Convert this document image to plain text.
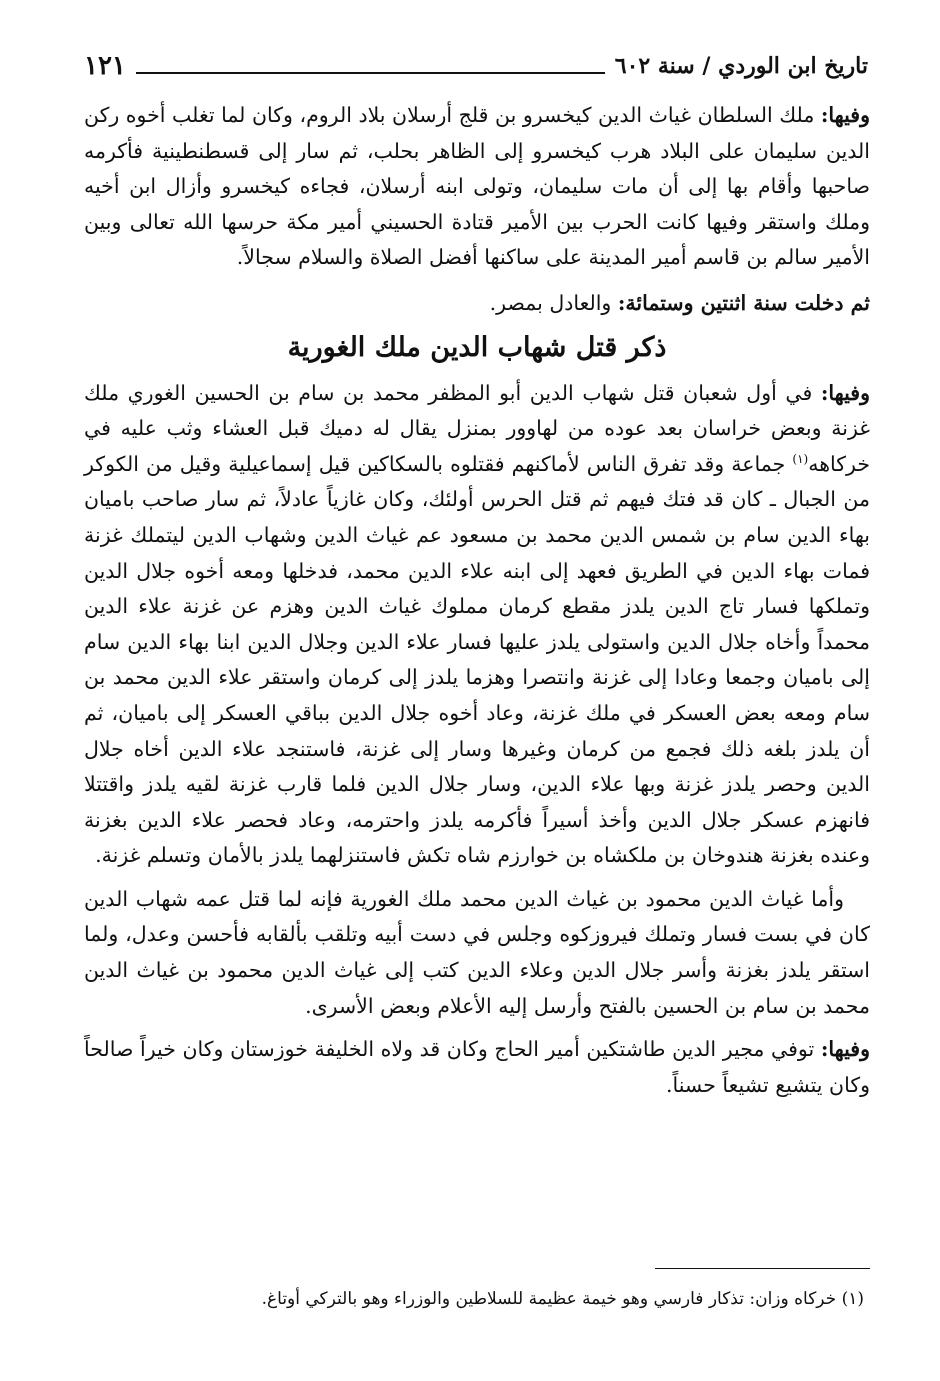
تاريخ ابن الوردي / سنة ٦٠٢
١٢١

وفيها: ملك السلطان غياث الدين كيخسرو بن قلج أرسلان بلاد الروم، وكان لما تغلب أخوه ركن الدين سليمان على البلاد هرب كيخسرو إلى الظاهر بحلب، ثم سار إلى قسطنطينية فأكرمه صاحبها وأقام بها إلى أن مات سليمان، وتولى ابنه أرسلان، فجاءه كيخسرو وأزال ابن أخيه وملك واستقر وفيها كانت الحرب بين الأمير قتادة الحسيني أمير مكة حرسها الله تعالى وبين الأمير سالم بن قاسم أمير المدينة على ساكنها أفضل الصلاة والسلام سجالاً.

ثم دخلت سنة اثنتين وستمائة: والعادل بمصر.

ذكر قتل شهاب الدين ملك الغورية

وفيها: في أول شعبان قتل شهاب الدين أبو المظفر محمد بن سام بن الحسين الغوري ملك غزنة وبعض خراسان بعد عوده من لهاوور بمنزل يقال له دميك قبل العشاء وثب عليه في خركاهه$^{(١)}$ جماعة وقد تفرق الناس لأماكنهم فقتلوه بالسكاكين قيل إسماعيلية وقيل من الكوكر من الجبال ـ كان قد فتك فيهم ثم قتل الحرس أولئك، وكان غازياً عادلاً، ثم سار صاحب باميان بهاء الدين سام بن شمس الدين محمد بن مسعود عم غياث الدين وشهاب الدين ليتملك غزنة فمات بهاء الدين في الطريق فعهد إلى ابنه علاء الدين محمد، فدخلها ومعه أخوه جلال الدين وتملكها فسار تاج الدين يلدز مقطع كرمان مملوك غياث الدين وهزم عن غزنة علاء الدين محمداً وأخاه جلال الدين واستولى يلدز عليها فسار علاء الدين وجلال الدين ابنا بهاء الدين سام إلى باميان وجمعا وعادا إلى غزنة وانتصرا وهزما يلدز إلى كرمان واستقر علاء الدين محمد بن سام ومعه بعض العسكر في ملك غزنة، وعاد أخوه جلال الدين بباقي العسكر إلى باميان، ثم أن يلدز بلغه ذلك فجمع من كرمان وغيرها وسار إلى غزنة، فاستنجد علاء الدين أخاه جلال الدين وحصر يلدز غزنة وبها علاء الدين، وسار جلال الدين فلما قارب غزنة لقيه يلدز واقتتلا فانهزم عسكر جلال الدين وأخذ أسيراً فأكرمه يلدز واحترمه، وعاد فحصر علاء الدين بغزنة وعنده بغزنة هندوخان بن ملكشاه بن خوارزم شاه تكش فاستنزلهما يلدز بالأمان وتسلم غزنة.

وأما غياث الدين محمود بن غياث الدين محمد ملك الغورية فإنه لما قتل عمه شهاب الدين كان في بست فسار وتملك فيروزكوه وجلس في دست أبيه وتلقب بألقابه فأحسن وعدل، ولما استقر يلدز بغزنة وأسر جلال الدين وعلاء الدين كتب إلى غياث الدين محمود بن غياث الدين محمد بن سام بن الحسين بالفتح وأرسل إليه الأعلام وبعض الأسرى.

وفيها: توفي مجير الدين طاشتكين أمير الحاج وكان قد ولاه الخليفة خوزستان وكان خيراً صالحاً وكان يتشيع تشيعاً حسناً.

(١) خركاه وزان: تذكار فارسي وهو خيمة عظيمة للسلاطين والوزراء وهو بالتركي أوتاغ.
